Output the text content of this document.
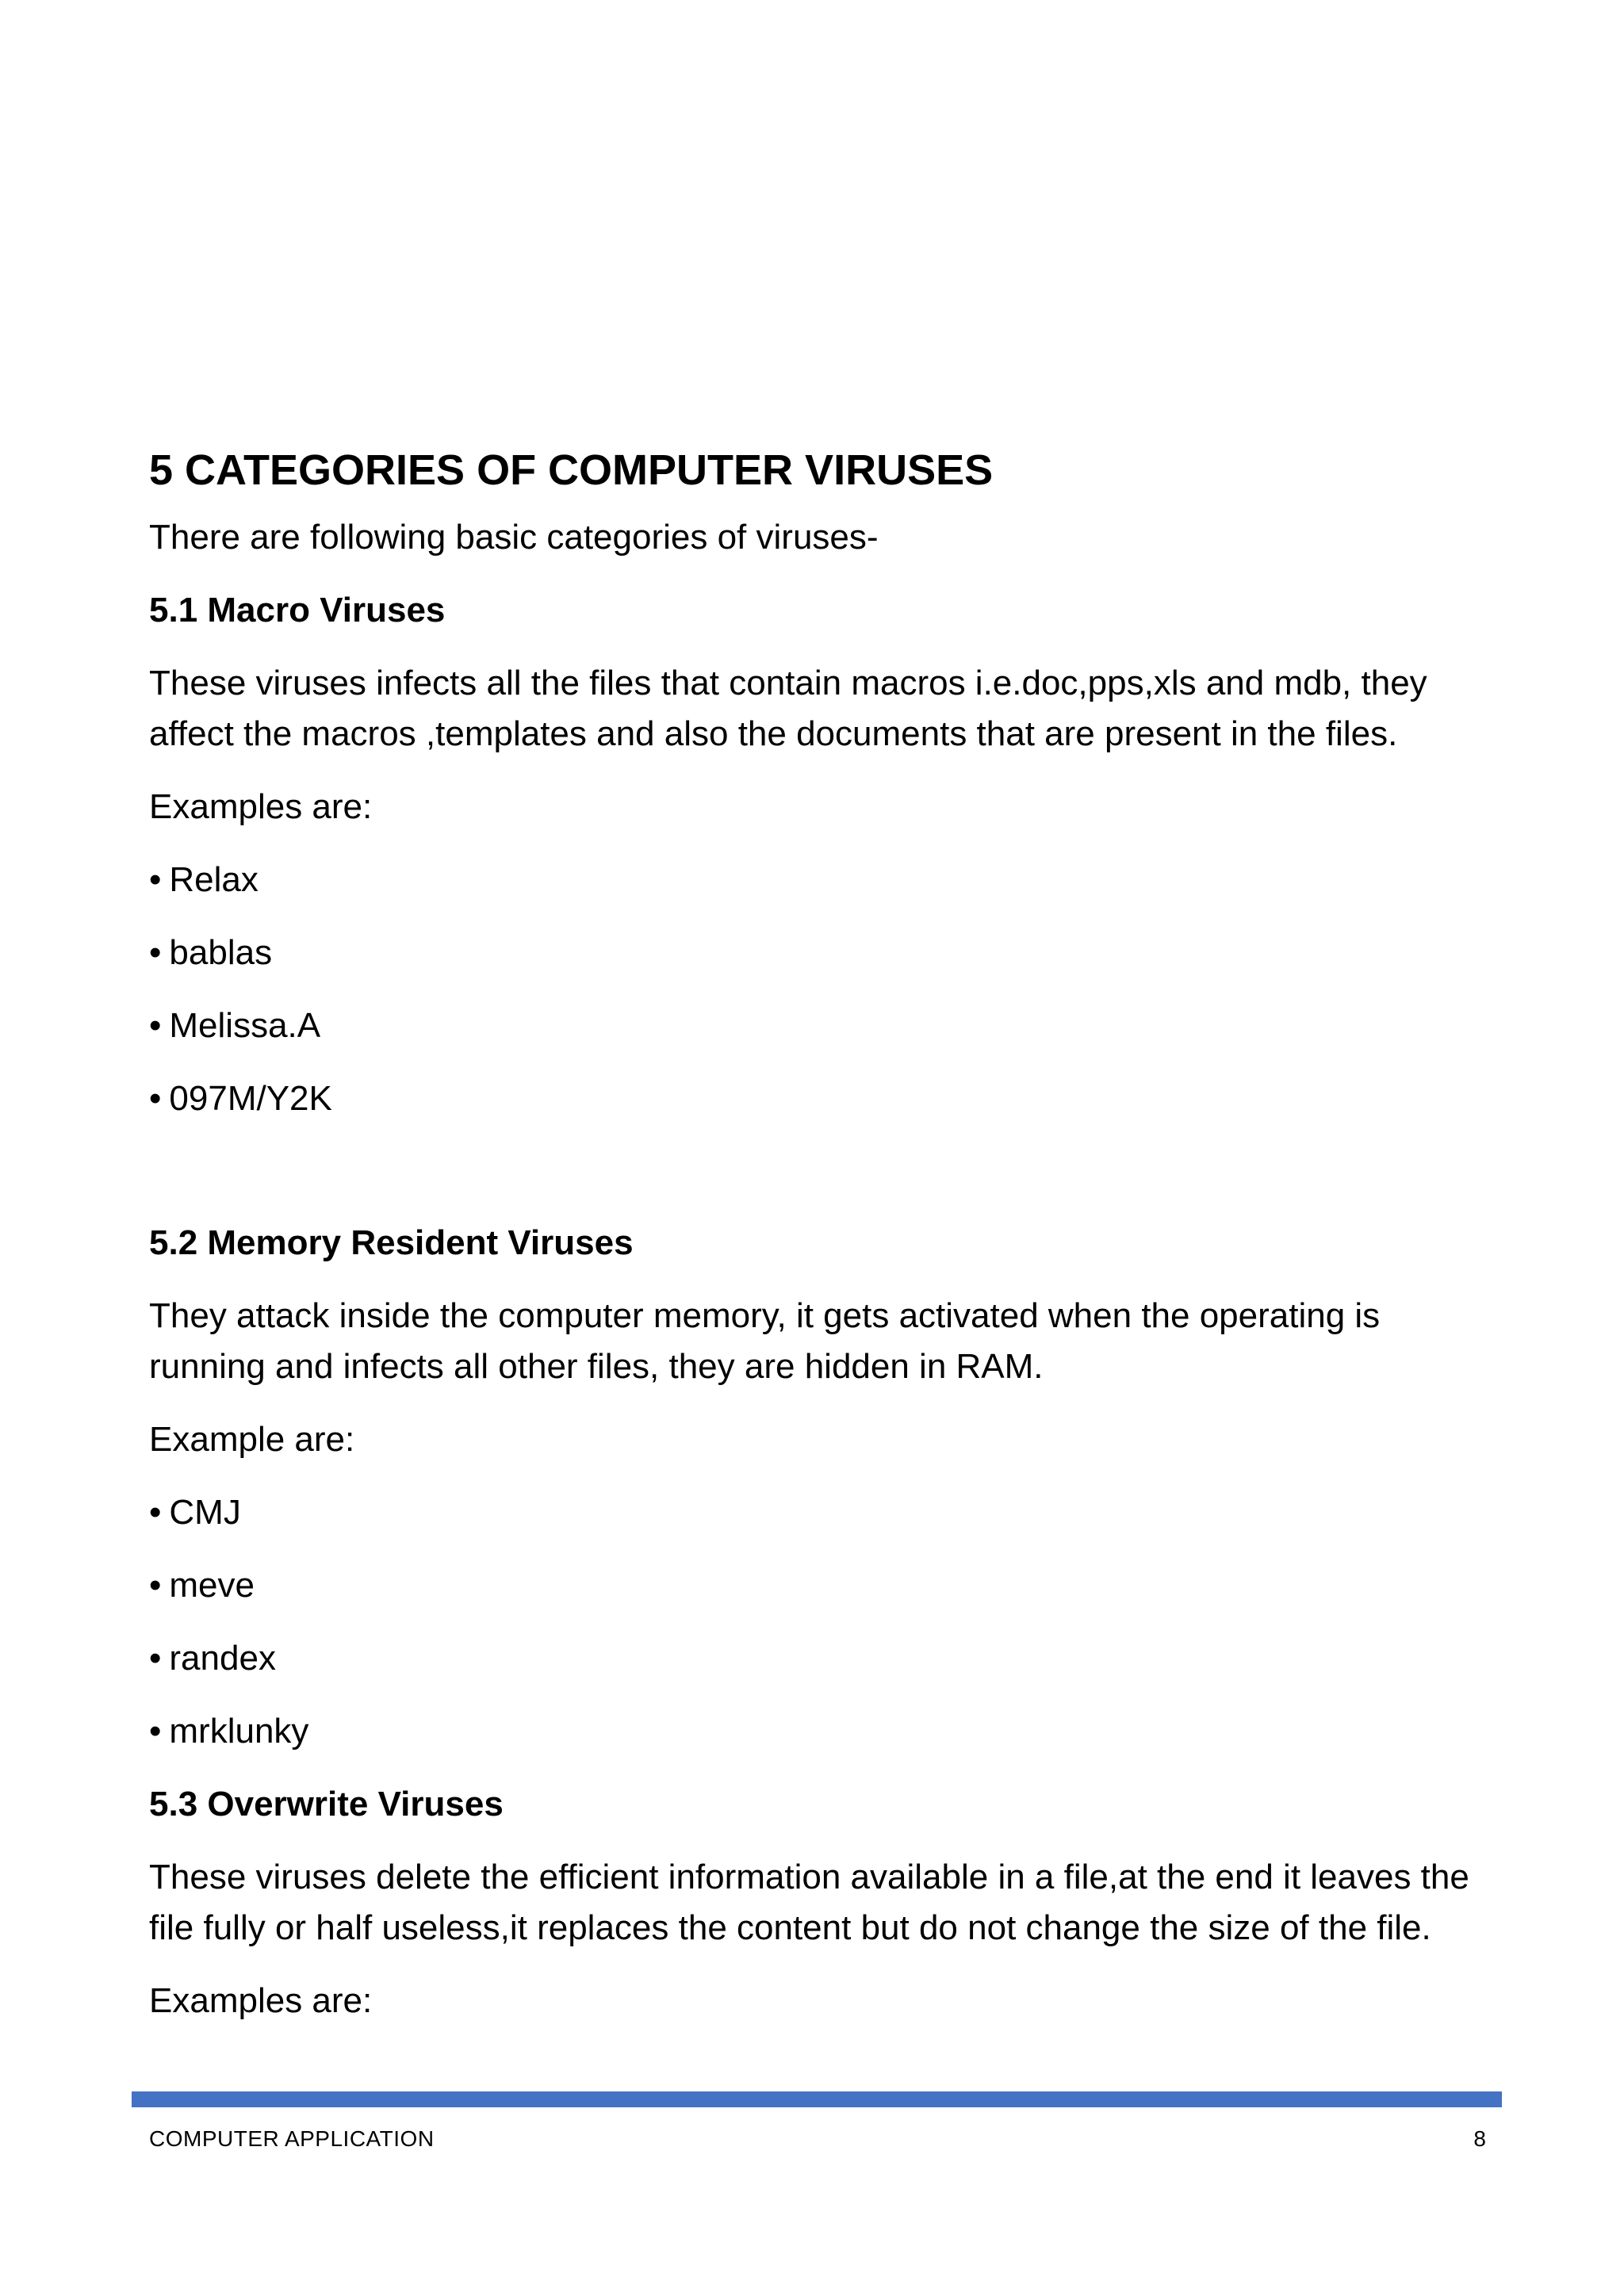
5 CATEGORIES OF COMPUTER VIRUSES

There are following basic categories of viruses-

5.1 Macro Viruses

These viruses infects all the files that contain macros i.e.doc,pps,xls and mdb, they affect the macros ,templates and also the documents that are present in the files.

Examples are:

• Relax
• bablas
• Melissa.A
• 097M/Y2K
5.2 Memory Resident Viruses

They attack inside the computer memory, it gets activated when the operating is running and infects all other files, they are hidden in RAM.

Example are:

• CMJ
• meve
• randex
• mrklunky
5.3 Overwrite Viruses

These viruses delete the efficient information available in a file,at the end it leaves the file fully or half useless,it replaces the content but do not change the size of the file.

Examples are:

COMPUTER APPLICATION	8
